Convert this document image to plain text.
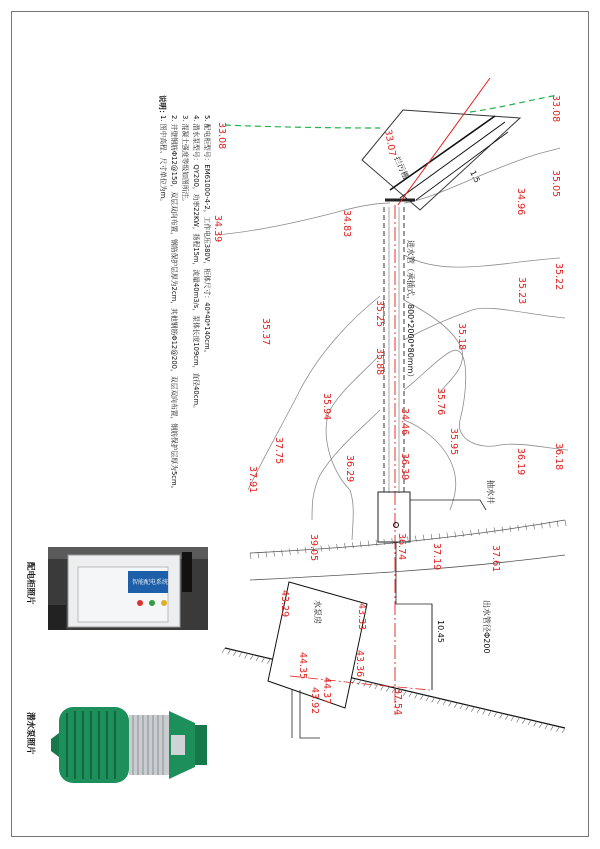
说明：
1. 图中高程、尺寸单位为m。 2. 井壁钢筋Φ12@150，双层双向布置，钢筋保护层厚为2cm，其他钢筋Φ12@200，双层双向布置，钢筋保护层厚为5cm。 3. 混凝土强度等级如图所注。 4. 潜水泵型号：QY200，功率22KW，扬程15m，流量40m3/s，泵体长度109cm，直径40cm。 5. 配电柜型号：EM61000-4-2，工作电压380V，柜体尺寸：40*40*140cm。	拦污栅	1.5
进水管（承插式，800*2000*80mm）
抽水井
水泵房
10.45	出水管径Φ200
33.08	33.07
33.08
35.05
34.96
34.39	34.83
35.22
35.23
35.37
35.25
35.18
35.88
35.76
35.94
34.46
35.95
36.18
36.19
37.75
36.29	36.39
37.91
39.05	36.74	37.19	37.61
43.29	43.33
43.36
44.35
44.37
43.92	37.54
配电柜照片
潜水泵照片
智能配电系统
